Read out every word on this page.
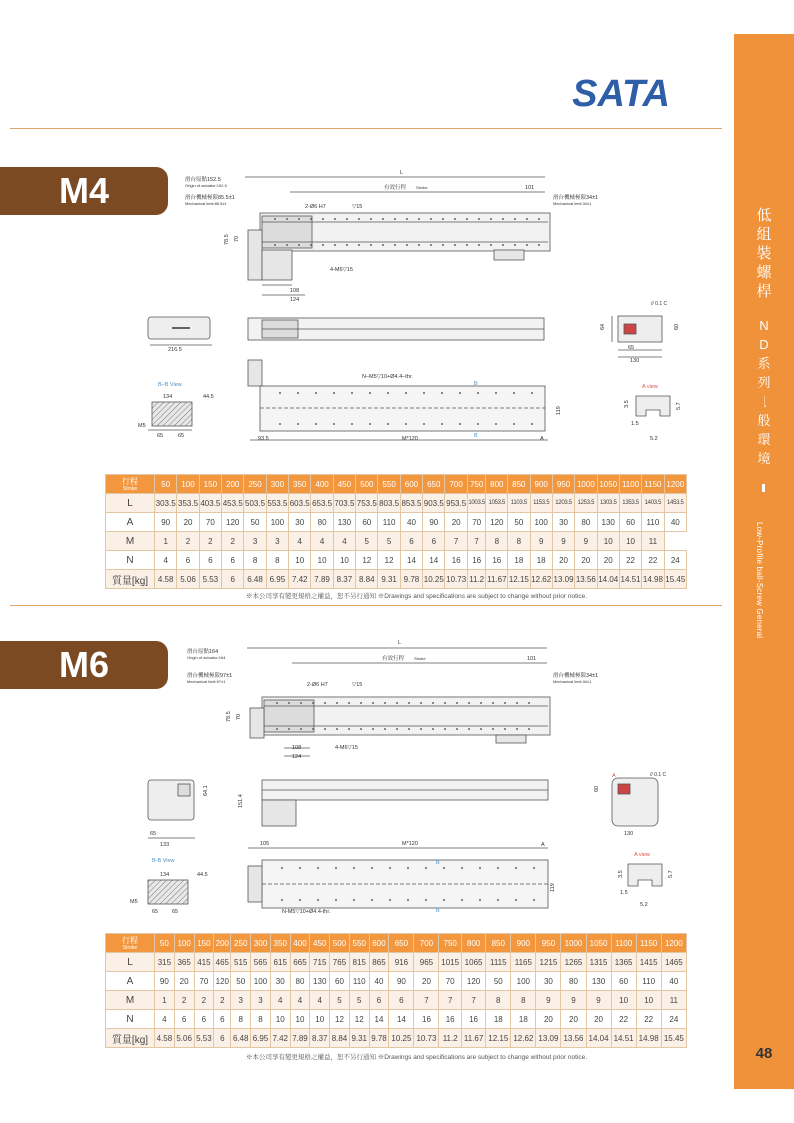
SATA
低
組
裝
螺
桿
N
D
系
列
一
般
環
境
Low-Profile ball-Screw General
48
M4	滑台原點152.5
Origin of actuator:152.5
滑台機械極限85.5±1
Mechanical limit:85.5±1
L
有效行程 Stroke	101
滑台機械極限34±1
Mechanical limit:34±1
2-Ø6 H7	▽15
4-M6▽15
108
124
78.5 70
216.5
// 0.1 C
64	60
65
130
B–B View
134	44.5
M5
65	65
N–M5▽10+Ø4.4–thr.
B
B	A
119
93.5	M*120
A view
3.5	5.7
1.5
5.2
行程
Stroke	50	100	150	200	250	300	350	400	450	500	550	600	650	700	750	800	850	900	950	1000	1050	1100	1150	1200
L	303.5	353.5	403.5	453.5	503.5	553.5	603.5	653.5	703.5	753.5	803.5	853.5	903.5	953.5	1003.5	1053.5	1103.5	1153.5	1203.5	1253.5	1303.5	1353.5	1403.5	1453.5
A	90	20	70	120	50	100	30	80	130	60	110	40	90	20	70	120	50	100	30	80	130	60	110	40
M	1	2	2	2	3	3	4	4	4	5	5	6	6	7	7	8	8	9	9	9	10	10	11	
N	4	6	6	6	8	8	10	10	10	12	12	14	14	16	16	16	18	18	20	20	20	22	22	24
質量[kg]	4.58	5.06	5.53	6	6.48	6.95	7.42	7.89	8.37	8.84	9.31	9.78	10.25	10.73	11.2	11.67	12.15	12.62	13.09	13.56	14.04	14.51	14.98	15.45
※本公司享有變更規格之權益，恕不另行通知 ※Drawings and specifications are subject to change without prior notice.
M6	滑台原點164
Origin of actuator:164
滑台機械極限97±1
Mechanical limit:97±1
L
有效行程 Stroke	101
滑台機械極限34±1
Mechanical limit:34±1
2-Ø6 H7	▽15
4-M6▽15
108
124
78.5 70
64.1
65
133
151.4
60
A	// 0.1 C
130
B-B View
134	44.5
M5
65	65
105	M*120	A
B
B
119
N-M5▽10+Ø4.4-thr.
A view
3.5	5.7
1.5
5.2
行程
Stroke	50	100	150	200	250	300	350	400	450	500	550	600	650	700	750	800	850	900	950	1000	1050	1100	1150	1200
L	315	365	415	465	515	565	615	665	715	765	815	865	916	965	1015	1065	1115	1165	1215	1265	1315	1365	1415	1465
A	90	20	70	120	50	100	30	80	130	60	110	40	90	20	70	120	50	100	30	80	130	60	110	40
M	1	2	2	2	3	3	4	4	4	5	5	6	6	7	7	7	8	8	9	9	9	10	10	11
N	4	6	6	6	8	8	10	10	10	12	12	14	14	16	16	16	18	18	20	20	20	22	22	24
質量[kg]	4.58	5.06	5.53	6	6.48	6.95	7.42	7.89	8.37	8.84	9.31	9.78	10.25	10.73	11.2	11.67	12.15	12.62	13.09	13.56	14.04	14.51	14.98	15.45
※本公司享有變更規格之權益，恕不另行通知 ※Drawings and specifications are subject to change without prior notice.
